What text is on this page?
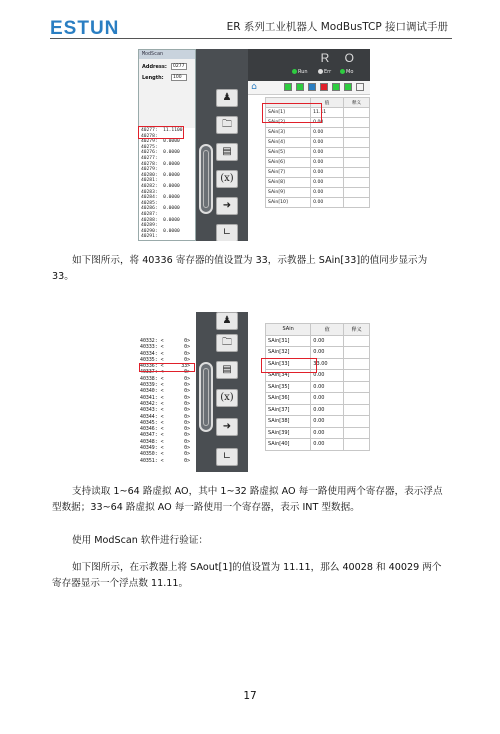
ESTUN	ER 系列工业机器人 ModBusTCP 接口调试手册
ModScan
Address:	0277
Length:	100
40277:  11.1100
40278:
40279:  0.0000
40275:
40276:  0.0000
40277:
40278:  0.0000
40279:
40280:  0.0000
40281:
40282:  0.0000
40283:
40284:  0.0000
40285:
40286:  0.0000
40287:
40288:  0.0000
40289:
40290:  0.0000
40291:
♟
🗀
▤
(x)
➜
∟
R O
Run	Err	Mo
⌂
	值	释义
SAin[1]	11.11	
SAin[2]	0.00	
SAin[3]	0.00	
SAin[4]	0.00	
SAin[5]	0.00	
SAin[6]	0.00	
SAin[7]	0.00	
SAin[8]	0.00	
SAin[9]	0.00	
SAin[10]	0.00	
如下图所示，将 40336 寄存器的值设置为 33，示教器上 SAin[33]的值同步显示为 33。
40332: <       0>
40333: <       0>
40334: <       0>
40335: <       0>
40336: <      33>
40337: <       0>
40338: <       0>
40339: <       0>
40340: <       0>
40341: <       0>
40342: <       0>
40343: <       0>
40344: <       0>
40345: <       0>
40346: <       0>
40347: <       0>
40348: <       0>
40349: <       0>
40350: <       0>
40351: <       0>
♟
🗀
▤
(x)
➜
∟
SAin	值	释义
SAin[31]	0.00	
SAin[32]	0.00	
SAin[33]	33.00	
SAin[34]	0.00	
SAin[35]	0.00	
SAin[36]	0.00	
SAin[37]	0.00	
SAin[38]	0.00	
SAin[39]	0.00	
SAin[40]	0.00	
支持读取 1~64 路虚拟 AO，其中 1~32 路虚拟 AO 每一路使用两个寄存器，表示浮点型数据；33~64 路虚拟 AO 每一路使用一个寄存器，表示 INT 型数据。
使用 ModScan 软件进行验证：
如下图所示，在示教器上将 SAout[1]的值设置为 11.11，那么 40028 和 40029 两个寄存器显示一个浮点数 11.11。
17
